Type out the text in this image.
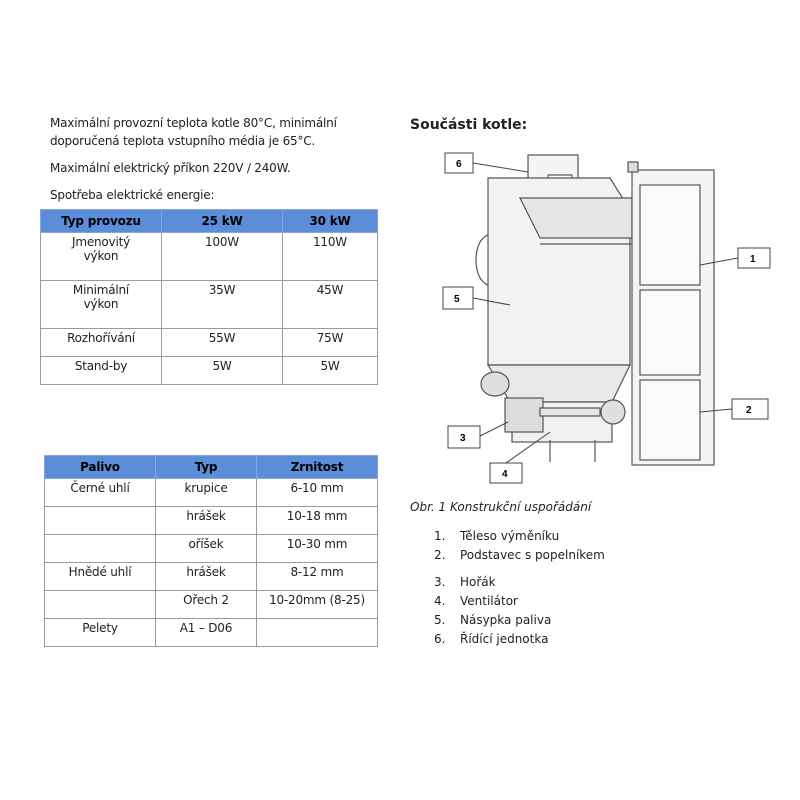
Maximální provozní teplota kotle 80°C, minimální
doporučená teplota vstupního média je 65°C.
Maximální elektrický příkon 220V / 240W.
Spotřeba elektrické energie:
Typ provozu	25 kW	30 kW
Jmenovitý
výkon	100W	110W
Minimální
výkon	35W	45W
Rozhořívání	55W	75W
Stand-by	5W	5W
Palivo	Typ	Zrnitost
Černé uhlí	krupice	6-10 mm
	hrášek	10-18 mm
	oříšek	10-30 mm
Hnědé uhlí	hrášek	8-12 mm
	Ořech 2	10-20mm (8-25)
Pelety	A1 – D06	
Součásti kotle:
6
5
1
2
3
4
Obr. 1 Konstrukční uspořádání
1. Těleso výměníku
2. Podstavec s popelníkem
3. Hořák
4. Ventilátor
5. Násypka paliva
6. Řídící jednotka
